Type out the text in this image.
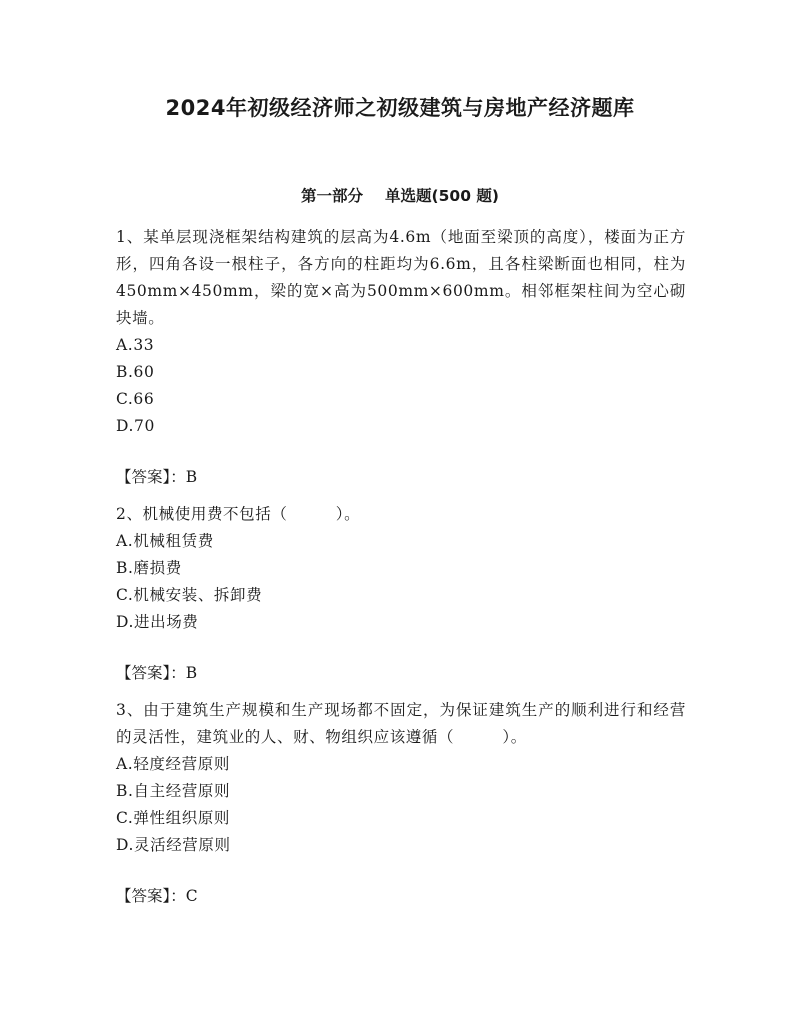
2024年初级经济师之初级建筑与房地产经济题库
第一部分 单选题(500 题)

1、某单层现浇框架结构建筑的层高为4.6m（地面至梁顶的高度），楼面为正方形，四角各设一根柱子，各方向的柱距均为6.6m，且各柱梁断面也相同，柱为450mm×450mm，梁的宽×高为500mm×600mm。相邻框架柱间为空心砌块墙。

A.33
B.60
C.66
D.70
【答案】：B

2、机械使用费不包括（　　　）。

A.机械租赁费
B.磨损费
C.机械安装、拆卸费
D.进出场费
【答案】：B

3、由于建筑生产规模和生产现场都不固定，为保证建筑生产的顺利进行和经营的灵活性，建筑业的人、财、物组织应该遵循（　　　）。

A.轻度经营原则
B.自主经营原则
C.弹性组织原则
D.灵活经营原则
【答案】：C
